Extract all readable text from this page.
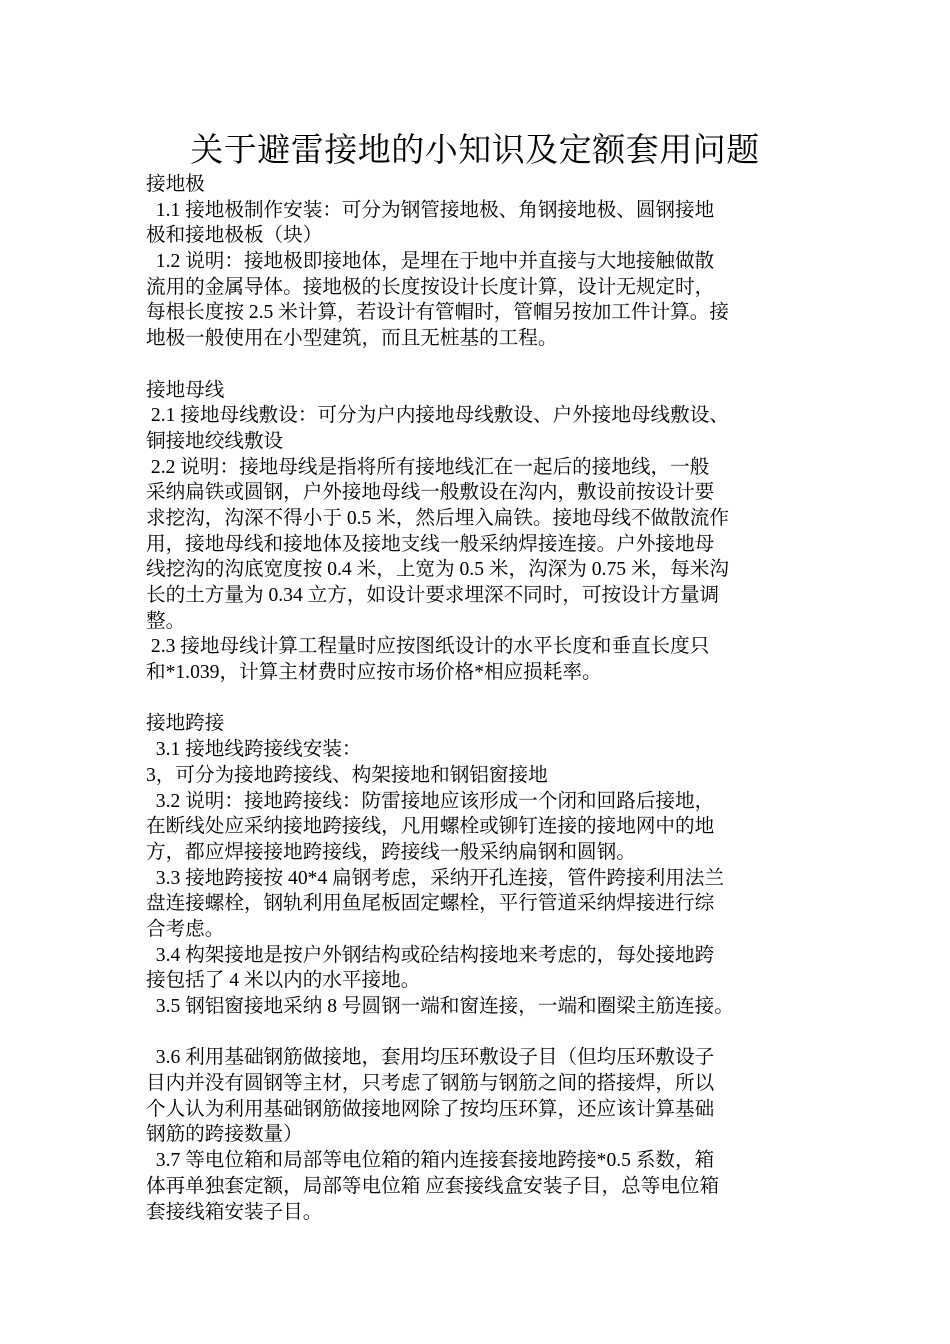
关于避雷接地的小知识及定额套用问题
接地极
1.1 接地极制作安装：可分为钢管接地极、角钢接地极、圆钢接地
极和接地极板（块）
1.2 说明：接地极即接地体，是埋在于地中并直接与大地接触做散
流用的金属导体。接地极的长度按设计长度计算，设计无规定时，
每根长度按 2.5 米计算，若设计有管帽时，管帽另按加工件计算。接
地极一般使用在小型建筑，而且无桩基的工程。
接地母线
2.1 接地母线敷设：可分为户内接地母线敷设、户外接地母线敷设、
铜接地绞线敷设
2.2 说明：接地母线是指将所有接地线汇在一起后的接地线，一般
采纳扁铁或圆钢，户外接地母线一般敷设在沟内，敷设前按设计要
求挖沟，沟深不得小于 0.5 米，然后埋入扁铁。接地母线不做散流作
用，接地母线和接地体及接地支线一般采纳焊接连接。户外接地母
线挖沟的沟底宽度按 0.4 米，上宽为 0.5 米，沟深为 0.75 米，每米沟
长的土方量为 0.34 立方，如设计要求埋深不同时，可按设计方量调
整。
2.3 接地母线计算工程量时应按图纸设计的水平长度和垂直长度只
和*1.039，计算主材费时应按市场价格*相应损耗率。
接地跨接
3.1 接地线跨接线安装：
3，可分为接地跨接线、构架接地和钢铝窗接地
3.2 说明：接地跨接线：防雷接地应该形成一个闭和回路后接地，
在断线处应采纳接地跨接线，凡用螺栓或铆钉连接的接地网中的地
方，都应焊接接地跨接线，跨接线一般采纳扁钢和圆钢。
3.3 接地跨接按 40*4 扁钢考虑，采纳开孔连接，管件跨接利用法兰
盘连接螺栓，钢轨利用鱼尾板固定螺栓，平行管道采纳焊接进行综
合考虑。
3.4 构架接地是按户外钢结构或砼结构接地来考虑的，每处接地跨
接包括了 4 米以内的水平接地。
3.5 钢铝窗接地采纳 8 号圆钢一端和窗连接，一端和圈梁主筋连接。
3.6 利用基础钢筋做接地，套用均压环敷设子目（但均压环敷设子
目内并没有圆钢等主材，只考虑了钢筋与钢筋之间的搭接焊，所以
个人认为利用基础钢筋做接地网除了按均压环算，还应该计算基础
钢筋的跨接数量）
3.7 等电位箱和局部等电位箱的箱内连接套接地跨接*0.5 系数，箱
体再单独套定额，局部等电位箱 应套接线盒安装子目，总等电位箱
套接线箱安装子目。
